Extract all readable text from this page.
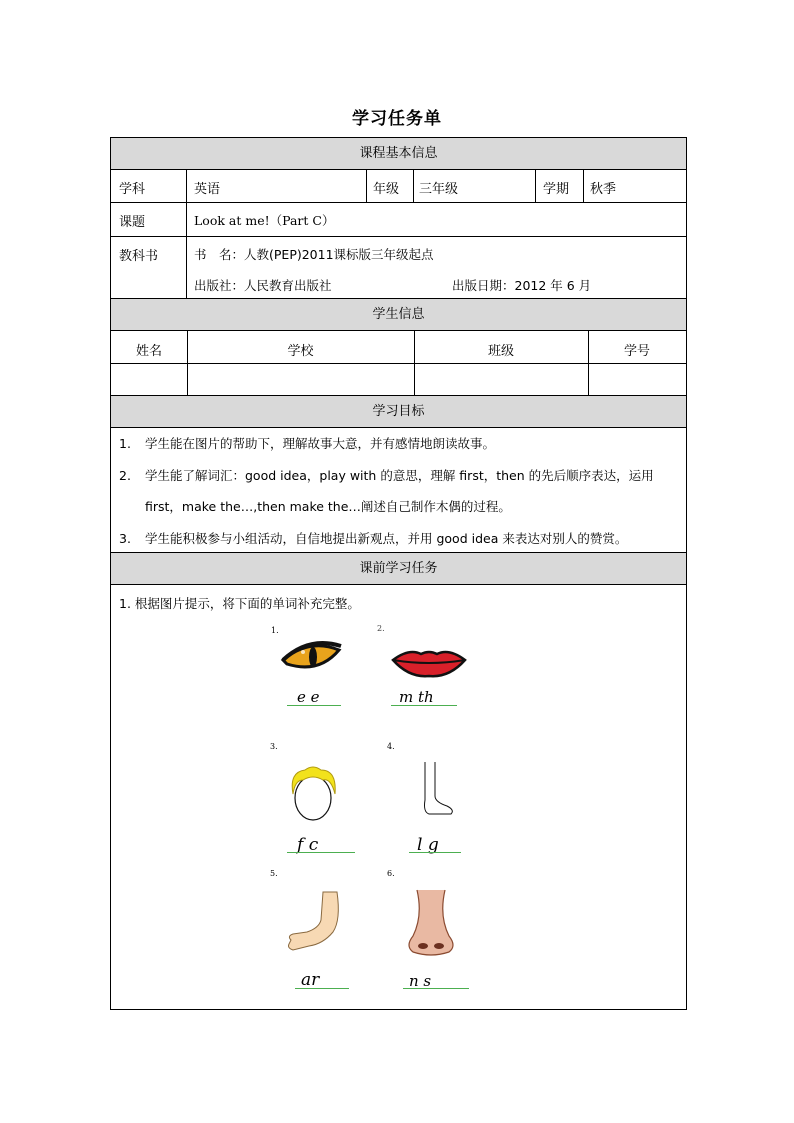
学习任务单
课程基本信息
学科	英语	年级 三年级	学期 秋季
课题	Look at me!（Part C）
教科书	书　名：人教(PEP)2011课标版三年级起点
出版社：人民教育出版社	出版日期：2012 年 6 月
学生信息
姓名	学校	班级	学号
学习目标
1. 学生能在图片的帮助下，理解故事大意，并有感情地朗读故事。
2. 学生能了解词汇：good idea，play with 的意思，理解 first，then 的先后顺序表达，运用
first，make the…,then make the…阐述自己制作木偶的过程。
3. 学生能积极参与小组活动，自信地提出新观点，并用 good idea 来表达对别人的赞赏。
课前学习任务
1. 根据图片提示，将下面的单词补充完整。
1.
e e
2.
m th
3.
f c
4.
l g
5.
ar
6.
n s
